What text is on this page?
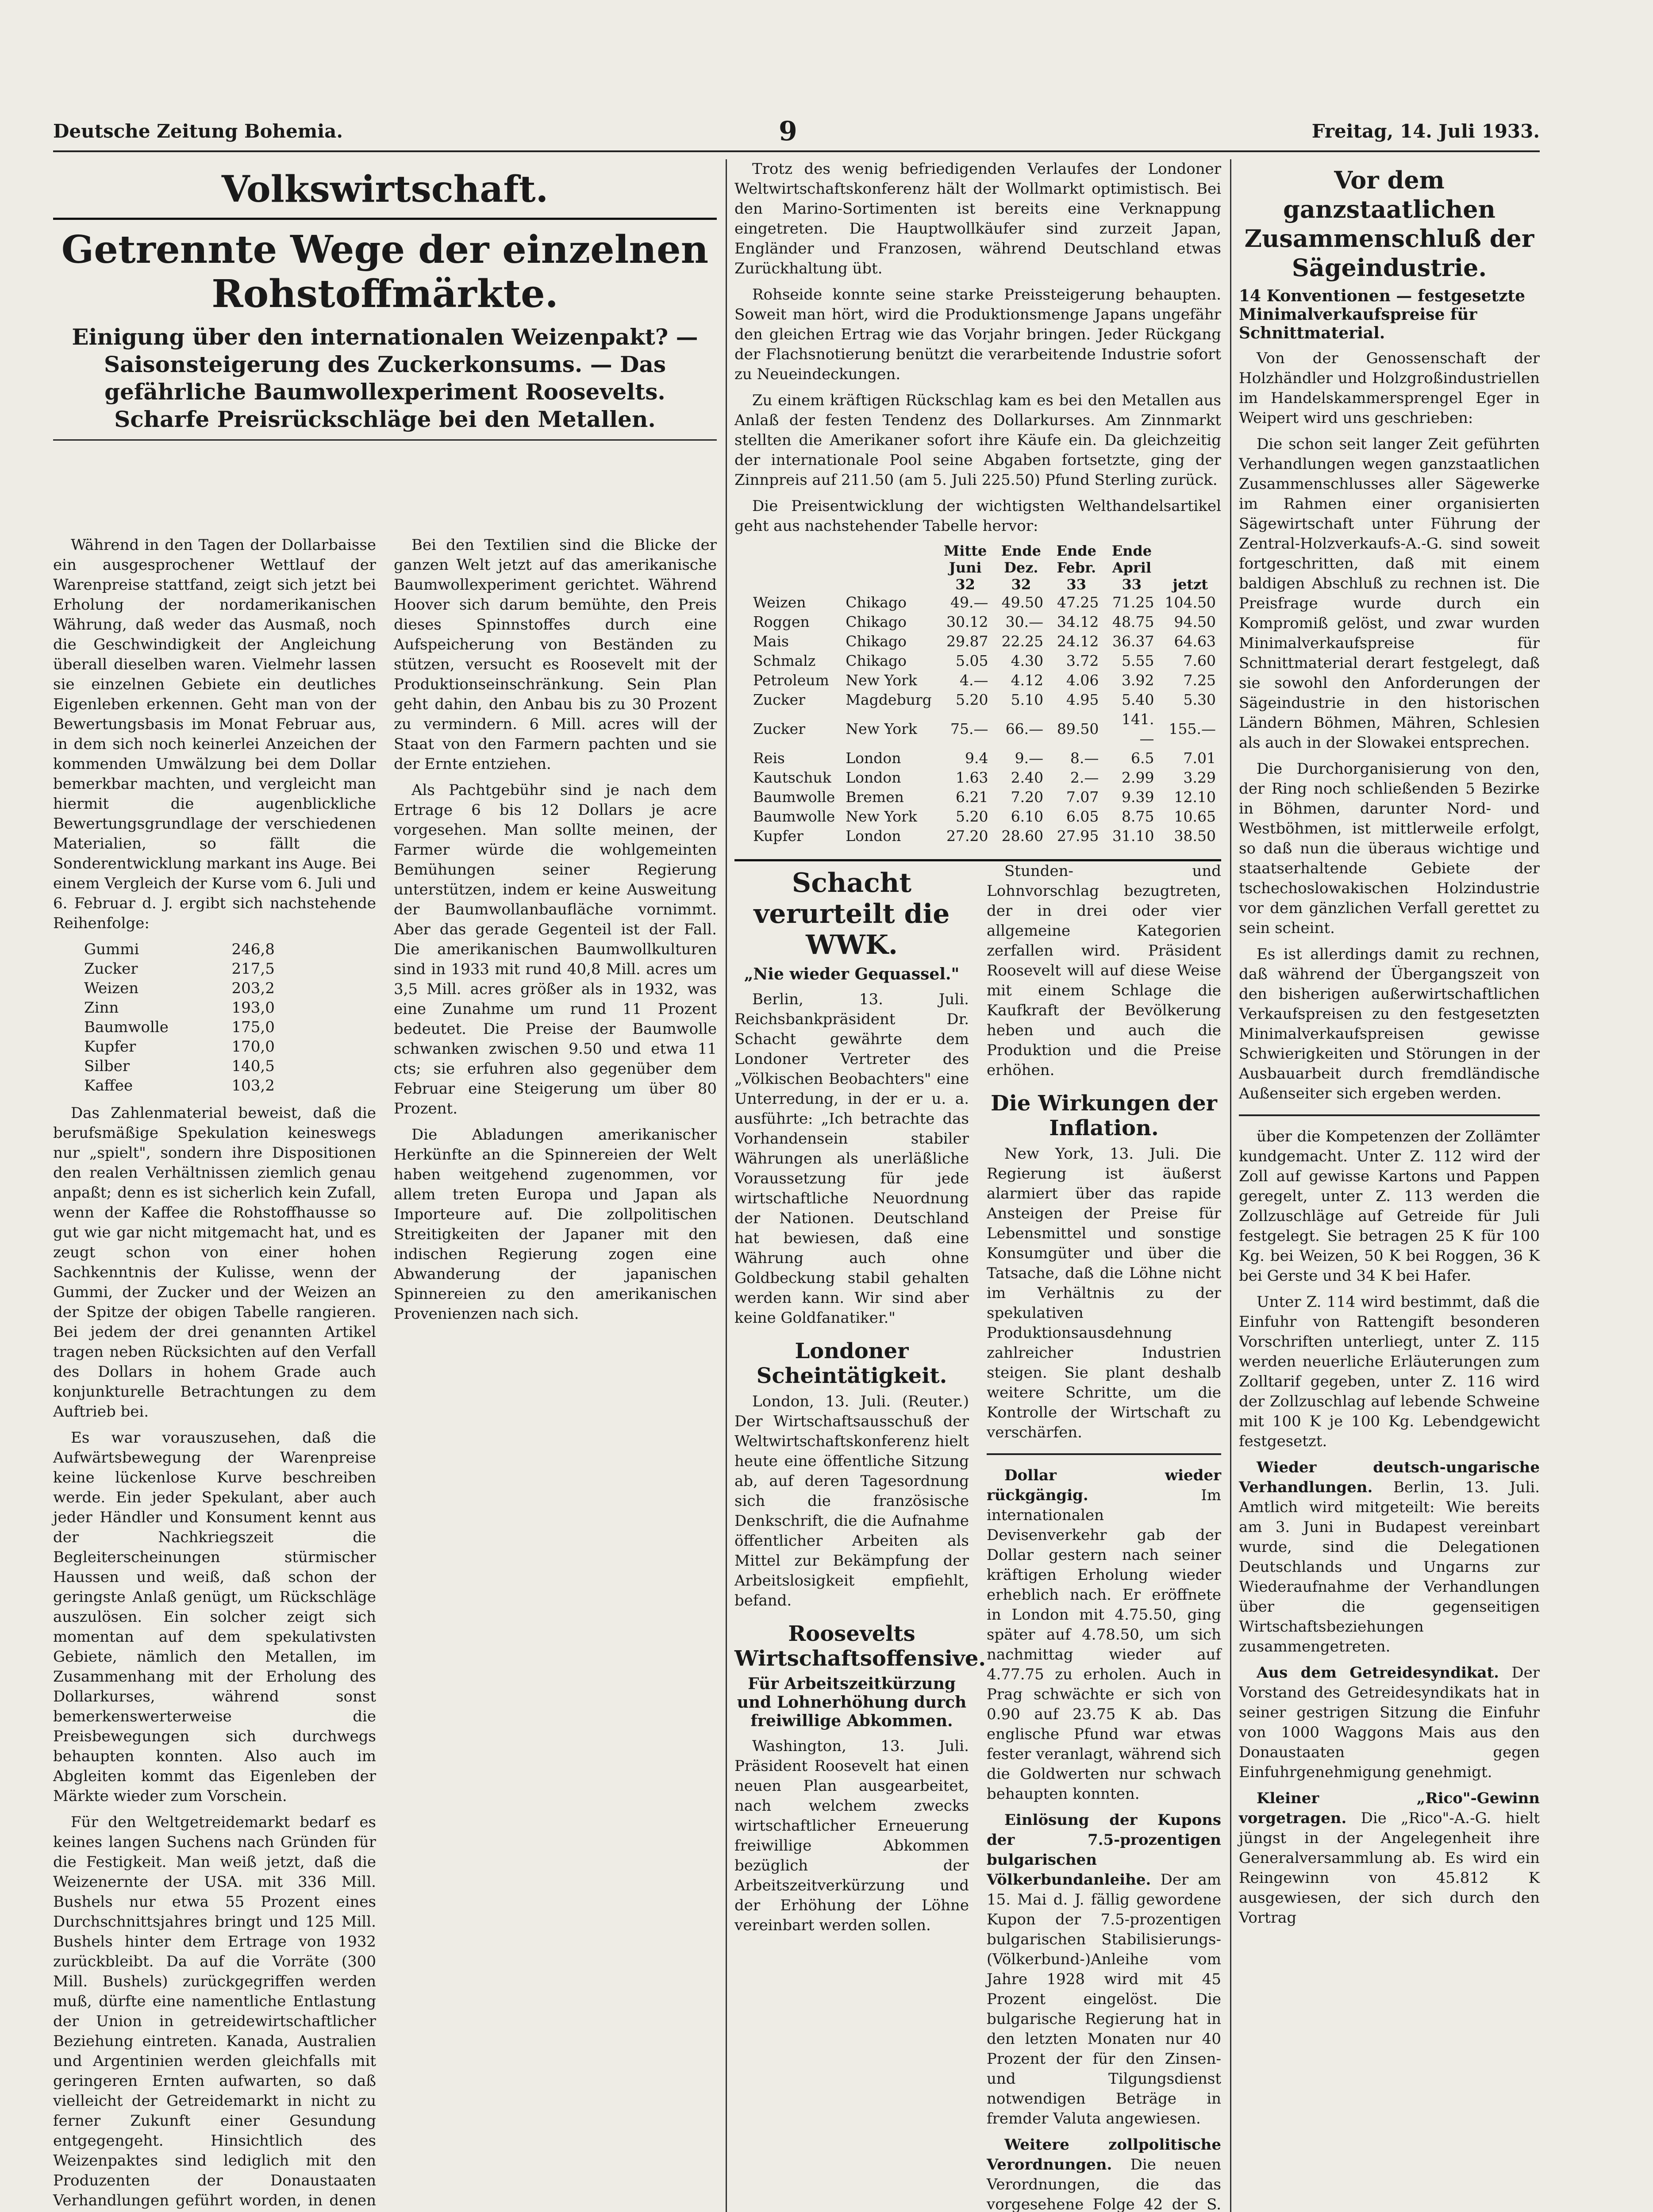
Deutsche Zeitung Bohemia.	9	Freitag, 14. Juli 1933.
Volkswirtschaft.
Getrennte Wege der einzelnen Rohstoffmärkte.
Einigung über den internationalen Weizenpakt? — Saisonsteigerung des Zuckerkonsums. — Das gefährliche Baumwollexperiment Roosevelts. Scharfe Preisrückschläge bei den Metallen.

Während in den Tagen der Dollarbaisse ein ausgesprochener Wettlauf der Warenpreise stattfand, zeigt sich jetzt bei Erholung der nordamerikanischen Währung, daß weder das Ausmaß, noch die Geschwindigkeit der Angleichung überall dieselben waren. Vielmehr lassen sie einzelnen Gebiete ein deutliches Eigenleben erkennen. Geht man von der Bewertungsbasis im Monat Februar aus, in dem sich noch keinerlei Anzeichen der kommenden Umwälzung bei dem Dollar bemerkbar machten, und vergleicht man hiermit die augenblickliche Bewertungsgrundlage der verschiedenen Materialien, so fällt die Sonderentwicklung markant ins Auge. Bei einem Vergleich der Kurse vom 6. Juli und 6. Februar d. J. ergibt sich nachstehende Reihenfolge:

Gummi	246,8
Zucker	217,5
Weizen	203,2
Zinn	193,0
Baumwolle	175,0
Kupfer	170,0
Silber	140,5
Kaffee	103,2

Das Zahlenmaterial beweist, daß die berufsmäßige Spekulation keineswegs nur „spielt", sondern ihre Dispositionen den realen Verhältnissen ziemlich genau anpaßt; denn es ist sicherlich kein Zufall, wenn der Kaffee die Rohstoffhausse so gut wie gar nicht mitgemacht hat, und es zeugt schon von einer hohen Sachkenntnis der Kulisse, wenn der Gummi, der Zucker und der Weizen an der Spitze der obigen Tabelle rangieren. Bei jedem der drei genannten Artikel tragen neben Rücksichten auf den Verfall des Dollars in hohem Grade auch konjunkturelle Betrachtungen zu dem Auftrieb bei.

Es war vorauszusehen, daß die Aufwärtsbewegung der Warenpreise keine lückenlose Kurve beschreiben werde. Ein jeder Spekulant, aber auch jeder Händler und Konsument kennt aus der Nachkriegszeit die Begleiterscheinungen stürmischer Haussen und weiß, daß schon der geringste Anlaß genügt, um Rückschläge auszulösen. Ein solcher zeigt sich momentan auf dem spekulativsten Gebiete, nämlich den Metallen, im Zusammenhang mit der Erholung des Dollarkurses, während sonst bemerkenswerterweise die Preisbewegungen sich durchwegs behaupten konnten. Also auch im Abgleiten kommt das Eigenleben der Märkte wieder zum Vorschein.

Für den Weltgetreidemarkt bedarf es keines langen Suchens nach Gründen für die Festigkeit. Man weiß jetzt, daß die Weizenernte der USA. mit 336 Mill. Bushels nur etwa 55 Prozent eines Durchschnittsjahres bringt und 125 Mill. Bushels hinter dem Ertrage von 1932 zurückbleibt. Da auf die Vorräte (300 Mill. Bushels) zurückgegriffen werden muß, dürfte eine namentliche Entlastung der Union in getreidewirtschaftlicher Beziehung eintreten. Kanada, Australien und Argentinien werden gleichfalls mit geringeren Ernten aufwarten, so daß vielleicht der Getreidemarkt in nicht zu ferner Zukunft einer Gesundung entgegengeht. Hinsichtlich des Weizenpaktes sind lediglich mit den Produzenten der Donaustaaten Verhandlungen geführt worden, in denen

Bei den Textilien sind die Blicke der ganzen Welt jetzt auf das amerikanische Baumwollexperiment gerichtet. Während Hoover sich darum bemühte, den Preis dieses Spinnstoffes durch eine Aufspeicherung von Beständen zu stützen, versucht es Roosevelt mit der Produktionseinschränkung. Sein Plan geht dahin, den Anbau bis zu 30 Prozent zu vermindern. 6 Mill. acres will der Staat von den Farmern pachten und sie der Ernte entziehen.

Als Pachtgebühr sind je nach dem Ertrage 6 bis 12 Dollars je acre vorgesehen. Man sollte meinen, der Farmer würde die wohlgemeinten Bemühungen seiner Regierung unterstützen, indem er keine Ausweitung der Baumwollanbaufläche vornimmt. Aber das gerade Gegenteil ist der Fall. Die amerikanischen Baumwollkulturen sind in 1933 mit rund 40,8 Mill. acres um 3,5 Mill. acres größer als in 1932, was eine Zunahme um rund 11 Prozent bedeutet. Die Preise der Baumwolle schwanken zwischen 9.50 und etwa 11 cts; sie erfuhren also gegenüber dem Februar eine Steigerung um über 80 Prozent.

Die Abladungen amerikanischer Herkünfte an die Spinnereien der Welt haben weitgehend zugenommen, vor allem treten Europa und Japan als Importeure auf. Die zollpolitischen Streitigkeiten der Japaner mit den indischen Regierung zogen eine Abwanderung der japanischen Spinnereien zu den amerikanischen Provenienzen nach sich.

Trotz des wenig befriedigenden Verlaufes der Londoner Weltwirtschaftskonferenz hält der Wollmarkt optimistisch. Bei den Marino-Sortimenten ist bereits eine Verknappung eingetreten. Die Hauptwollkäufer sind zurzeit Japan, Engländer und Franzosen, während Deutschland etwas Zurückhaltung übt.

Rohseide konnte seine starke Preissteigerung behaupten. Soweit man hört, wird die Produktionsmenge Japans ungefähr den gleichen Ertrag wie das Vorjahr bringen. Jeder Rückgang der Flachsnotierung benützt die verarbeitende Industrie sofort zu Neueindeckungen.

Zu einem kräftigen Rückschlag kam es bei den Metallen aus Anlaß der festen Tendenz des Dollarkurses. Am Zinnmarkt stellten die Amerikaner sofort ihre Käufe ein. Da gleichzeitig der internationale Pool seine Abgaben fortsetzte, ging der Zinnpreis auf 211.50 (am 5. Juli 225.50) Pfund Sterling zurück.

Die Preisentwicklung der wichtigsten Welthandelsartikel geht aus nachstehender Tabelle hervor:

		Mitte Juni 32	Ende Dez. 32	Ende Febr. 33	Ende April 33	jetzt
Weizen	Chikago	49.—	49.50	47.25	71.25	104.50
Roggen	Chikago	30.12	30.—	34.12	48.75	94.50
Mais	Chikago	29.87	22.25	24.12	36.37	64.63
Schmalz	Chikago	5.05	4.30	3.72	5.55	7.60
Petroleum	New York	4.—	4.12	4.06	3.92	7.25
Zucker	Magdeburg	5.20	5.10	4.95	5.40	5.30
Zucker	New York	75.—	66.—	89.50	141.—	155.—
Reis	London	9.4	9.—	8.—	6.5	7.01
Kautschuk	London	1.63	2.40	2.—	2.99	3.29
Baumwolle	Bremen	6.21	7.20	7.07	9.39	12.10
Baumwolle	New York	5.20	6.10	6.05	8.75	10.65
Kupfer	London	27.20	28.60	27.95	31.10	38.50
Schacht verurteilt die WWK.
„Nie wieder Gequassel."

Berlin, 13. Juli. Reichsbankpräsident Dr. Schacht gewährte dem Londoner Vertreter des „Völkischen Beobachters" eine Unterredung, in der er u. a. ausführte: „Ich betrachte das Vorhandensein stabiler Währungen als unerläßliche Voraussetzung für jede wirtschaftliche Neuordnung der Nationen. Deutschland hat bewiesen, daß eine Währung auch ohne Goldbeckung stabil gehalten werden kann. Wir sind aber keine Goldfanatiker."

Londoner Scheintätigkeit.

London, 13. Juli. (Reuter.) Der Wirtschaftsausschuß der Weltwirtschaftskonferenz hielt heute eine öffentliche Sitzung ab, auf deren Tagesordnung sich die französische Denkschrift, die die Aufnahme öffentlicher Arbeiten als Mittel zur Bekämpfung der Arbeitslosigkeit empfiehlt, befand.

Roosevelts Wirtschaftsoffensive.
Für Arbeitszeitkürzung und Lohnerhöhung durch freiwillige Abkommen.

Washington, 13. Juli. Präsident Roosevelt hat einen neuen Plan ausgearbeitet, nach welchem zwecks wirtschaftlicher Erneuerung freiwillige Abkommen bezüglich der Arbeitszeitverkürzung und der Erhöhung der Löhne vereinbart werden sollen.

Stunden- und Lohnvorschlag bezugtreten, der in drei oder vier allgemeine Kategorien zerfallen wird. Präsident Roosevelt will auf diese Weise mit einem Schlage die Kaufkraft der Bevölkerung heben und auch die Produktion und die Preise erhöhen.

Die Wirkungen der Inflation.

New York, 13. Juli. Die Regierung ist äußerst alarmiert über das rapide Ansteigen der Preise für Lebensmittel und sonstige Konsumgüter und über die Tatsache, daß die Löhne nicht im Verhältnis zu der spekulativen Produktionsausdehnung zahlreicher Industrien steigen. Sie plant deshalb weitere Schritte, um die Kontrolle der Wirtschaft zu verschärfen.

Dollar wieder rückgängig.	Im internationalen Devisenverkehr gab der Dollar gestern nach seiner kräftigen Erholung wieder erheblich nach. Er eröffnete in London mit 4.75.50, ging später auf 4.78.50, um sich nachmittag wieder auf 4.77.75 zu erholen. Auch in Prag schwächte er sich von 0.90 auf 23.75 K ab. Das englische Pfund war etwas fester veranlagt, während sich die Goldwerten nur schwach behaupten konnten.

Einlösung der Kupons der 7.5-prozentigen bulgarischen Völkerbundanleihe. Der am 15. Mai d. J. fällig gewordene Kupon der 7.5-prozentigen bulgarischen Stabilisierungs-(Völkerbund-)Anleihe vom Jahre 1928 wird mit 45 Prozent eingelöst. Die bulgarische Regierung hat in den letzten Monaten nur 40 Prozent der für den Zinsen- und Tilgungsdienst notwendigen Beträge in fremder Valuta angewiesen.

Weitere zollpolitische Verordnungen. Die neuen Verordnungen, die das vorgesehene Folge 42 der S.

Vor dem ganzstaatlichen Zusammenschluß der Sägeindustrie.
14 Konventionen — festgesetzte Minimalverkaufspreise für Schnittmaterial.

Von der Genossenschaft der Holzhändler und Holzgroßindustriellen im Handelskammersprengel Eger in Weipert wird uns geschrieben:

Die schon seit langer Zeit geführten Verhandlungen wegen ganzstaatlichen Zusammenschlusses aller Sägewerke im Rahmen einer organisierten Sägewirtschaft unter Führung der Zentral-Holzverkaufs-A.-G. sind soweit fortgeschritten, daß mit einem baldigen Abschluß zu rechnen ist. Die Preisfrage wurde durch ein Kompromiß gelöst, und zwar wurden Minimalverkaufspreise für Schnittmaterial derart festgelegt, daß sie sowohl den Anforderungen der Sägeindustrie in den historischen Ländern Böhmen, Mähren, Schlesien als auch in der Slowakei entsprechen.

Die Durchorganisierung von den, der Ring noch schließenden 5 Bezirke in Böhmen, darunter Nord- und Westböhmen, ist mittlerweile erfolgt, so daß nun die überaus wichtige und staatserhaltende Gebiete der tschechoslowakischen Holzindustrie vor dem gänzlichen Verfall gerettet zu sein scheint.

Es ist allerdings damit zu rechnen, daß während der Übergangszeit von den bisherigen außerwirtschaftlichen Verkaufspreisen zu den festgesetzten Minimalverkaufspreisen gewisse Schwierigkeiten und Störungen in der Ausbauarbeit durch fremdländische Außenseiter sich ergeben werden.

über die Kompetenzen der Zollämter kundgemacht. Unter Z. 112 wird der Zoll auf gewisse Kartons und Pappen geregelt, unter Z. 113 werden die Zollzuschläge auf Getreide für Juli festgelegt. Sie betragen 25 K für 100 Kg. bei Weizen, 50 K bei Roggen, 36 K bei Gerste und 34 K bei Hafer.

Unter Z. 114 wird bestimmt, daß die Einfuhr von Rattengift besonderen Vorschriften unterliegt, unter Z. 115 werden neuerliche Erläuterungen zum Zolltarif gegeben, unter Z. 116 wird der Zollzuschlag auf lebende Schweine mit 100 K je 100 Kg. Lebendgewicht festgesetzt.

Wieder deutsch-ungarische Verhandlungen. Berlin, 13. Juli. Amtlich wird mitgeteilt: Wie bereits am 3. Juni in Budapest vereinbart wurde, sind die Delegationen Deutschlands und Ungarns zur Wiederaufnahme der Verhandlungen über die gegenseitigen Wirtschaftsbeziehungen zusammengetreten.

Aus dem Getreidesyndikat. Der Vorstand des Getreidesyndikats hat in seiner gestrigen Sitzung die Einfuhr von 1000 Waggons Mais aus den Donaustaaten gegen Einfuhrgenehmigung genehmigt.

Kleiner „Rico"-Gewinn vorgetragen. Die „Rico"-A.-G. hielt jüngst in der Angelegenheit ihre Generalversammlung ab. Es wird ein Reingewinn von 45.812 K ausgewiesen, der sich durch den Vortrag
